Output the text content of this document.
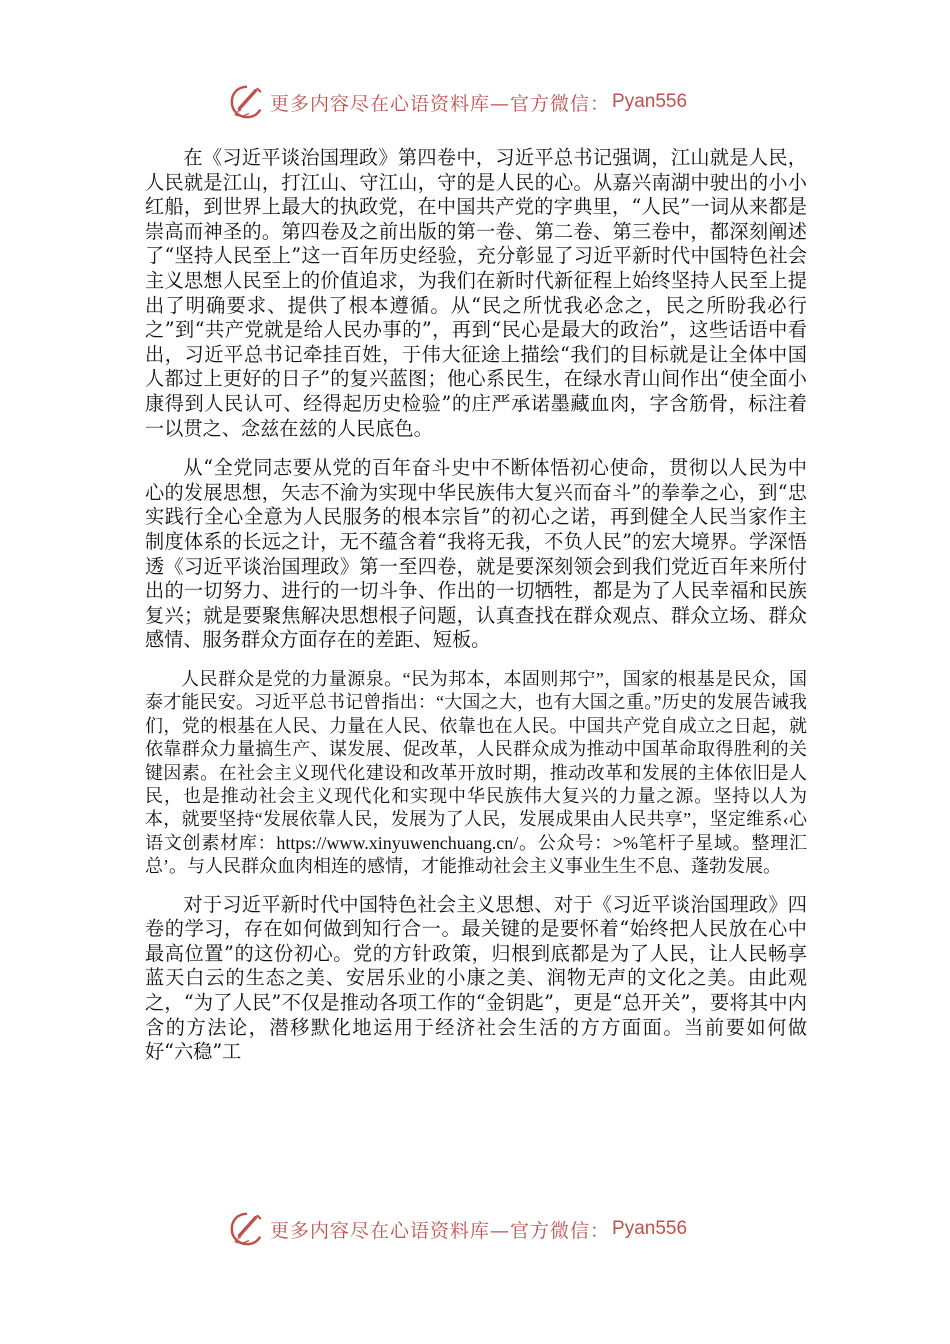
更多内容尽在心语资料库—官方微信： Pyan556

在《习近平谈治国理政》第四卷中，习近平总书记强调，江山就是人民，人民就是江山，打江山、守江山，守的是人民的心。从嘉兴南湖中驶出的小小红船，到世界上最大的执政党，在中国共产党的字典里，“人民”一词从来都是崇高而神圣的。第四卷及之前出版的第一卷、第二卷、第三卷中，都深刻阐述了“坚持人民至上”这一百年历史经验，充分彰显了习近平新时代中国特色社会主义思想人民至上的价值追求，为我们在新时代新征程上始终坚持人民至上提出了明确要求、提供了根本遵循。从“民之所忧我必念之，民之所盼我必行之”到“共产党就是给人民办事的”，再到“民心是最大的政治”，这些话语中看出，习近平总书记牵挂百姓，于伟大征途上描绘“我们的目标就是让全体中国人都过上更好的日子”的复兴蓝图；他心系民生，在绿水青山间作出“使全面小康得到人民认可、经得起历史检验”的庄严承诺墨藏血肉，字含筋骨，标注着一以贯之、念兹在兹的人民底色。

从“全党同志要从党的百年奋斗史中不断体悟初心使命，贯彻以人民为中心的发展思想，矢志不渝为实现中华民族伟大复兴而奋斗”的拳拳之心，到“忠实践行全心全意为人民服务的根本宗旨”的初心之诺，再到健全人民当家作主制度体系的长远之计，无不蕴含着“我将无我，不负人民”的宏大境界。学深悟透《习近平谈治国理政》第一至四卷，就是要深刻领会到我们党近百年来所付出的一切努力、进行的一切斗争、作出的一切牺牲，都是为了人民幸福和民族复兴；就是要聚焦解决思想根子问题，认真查找在群众观点、群众立场、群众感情、服务群众方面存在的差距、短板。

人民群众是党的力量源泉。“民为邦本，本固则邦宁”，国家的根基是民众，国泰才能民安。习近平总书记曾指出：“大国之大，也有大国之重。”历史的发展告诫我们，党的根基在人民、力量在人民、依靠也在人民。中国共产党自成立之日起，就依靠群众力量搞生产、谋发展、促改革，人民群众成为推动中国革命取得胜利的关键因素。在社会主义现代化建设和改革开放时期，推动改革和发展的主体依旧是人民，也是推动社会主义现代化和实现中华民族伟大复兴的力量之源。坚持以人为本，就要坚持“发展依靠人民，发展为了人民，发展成果由人民共享”，坚定维系‹心语文创素材库：https://www.xinyuwenchuang.cn/。公众号：>%笔杆子星域。整理汇总’。与人民群众血肉相连的感情，才能推动社会主义事业生生不息、蓬勃发展。

对于习近平新时代中国特色社会主义思想、对于《习近平谈治国理政》四卷的学习，存在如何做到知行合一。最关键的是要怀着“始终把人民放在心中最高位置”的这份初心。党的方针政策，归根到底都是为了人民，让人民畅享蓝天白云的生态之美、安居乐业的小康之美、润物无声的文化之美。由此观之，“为了人民”不仅是推动各项工作的“金钥匙”，更是“总开关”，要将其中内含的方法论，潜移默化地运用于经济社会生活的方方面面。当前要如何做好“六稳”工

更多内容尽在心语资料库—官方微信： Pyan556
